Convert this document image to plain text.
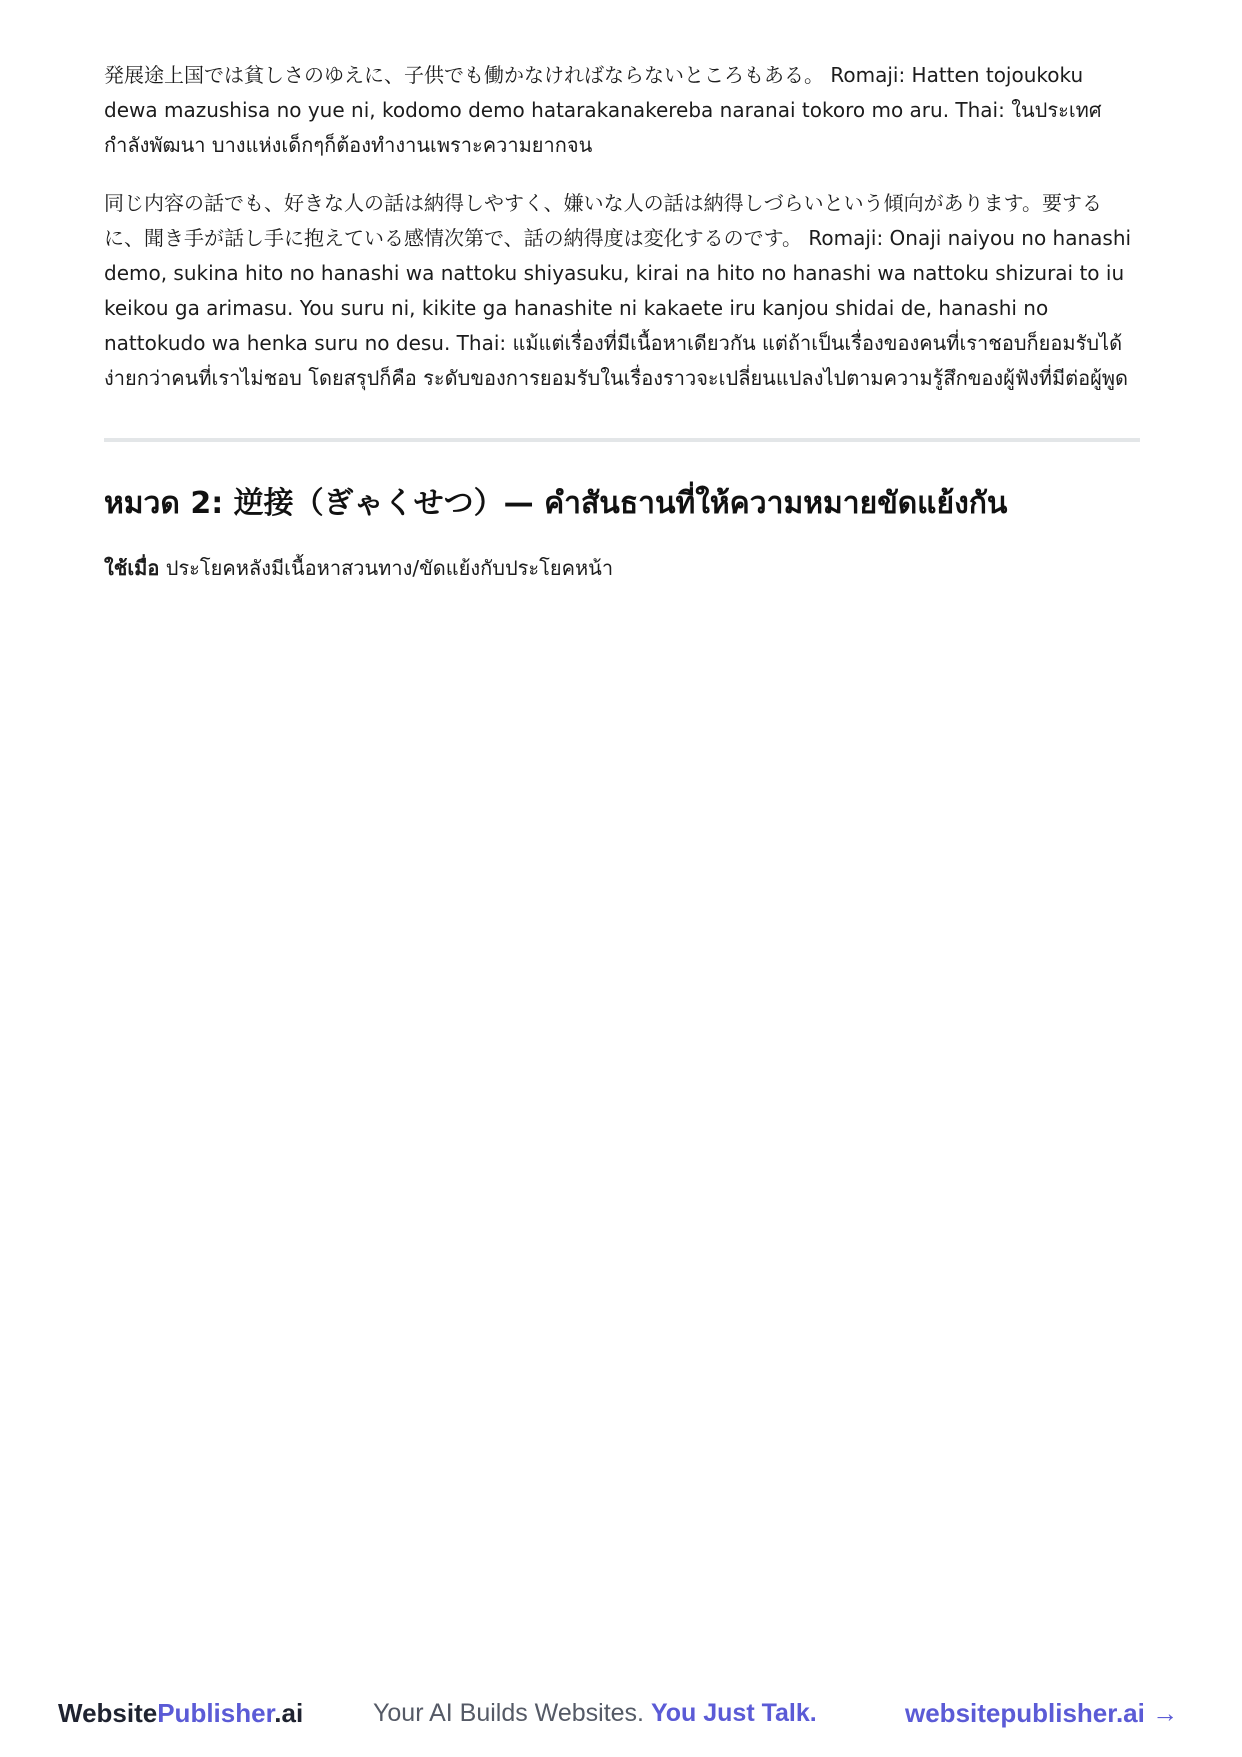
発展途上国では貧しさのゆえに、子供でも働かなければならないところもある。 Romaji: Hatten tojoukoku dewa mazushisa no yue ni, kodomo demo hatarakanakereba naranai tokoro mo aru. Thai: ในประเทศกำลังพัฒนา บางแห่งเด็กๆก็ต้องทำงานเพราะความยากจน

同じ内容の話でも、好きな人の話は納得しやすく、嫌いな人の話は納得しづらいという傾向があります。要するに、聞き手が話し手に抱えている感情次第で、話の納得度は変化するのです。 Romaji: Onaji naiyou no hanashi demo, sukina hito no hanashi wa nattoku shiyasuku, kirai na hito no hanashi wa nattoku shizurai to iu keikou ga arimasu. You suru ni, kikite ga hanashite ni kakaete iru kanjou shidai de, hanashi no nattokudo wa henka suru no desu. Thai: แม้แต่เรื่องที่มีเนื้อหาเดียวกัน แต่ถ้าเป็นเรื่องของคนที่เราชอบก็ยอมรับได้ง่ายกว่าคนที่เราไม่ชอบ โดยสรุปก็คือ ระดับของการยอมรับในเรื่องราวจะเปลี่ยนแปลงไปตามความรู้สึกของผู้ฟังที่มีต่อผู้พูด

หมวด 2: 逆接（ぎゃくせつ）— คำสันธานที่ให้ความหมายขัดแย้งกัน

ใช้เมื่อ ประโยคหลังมีเนื้อหาสวนทาง/ขัดแย้งกับประโยคหน้า

WebsitePublisher.ai	Your AI Builds Websites. You Just Talk.	websitepublisher.ai →
